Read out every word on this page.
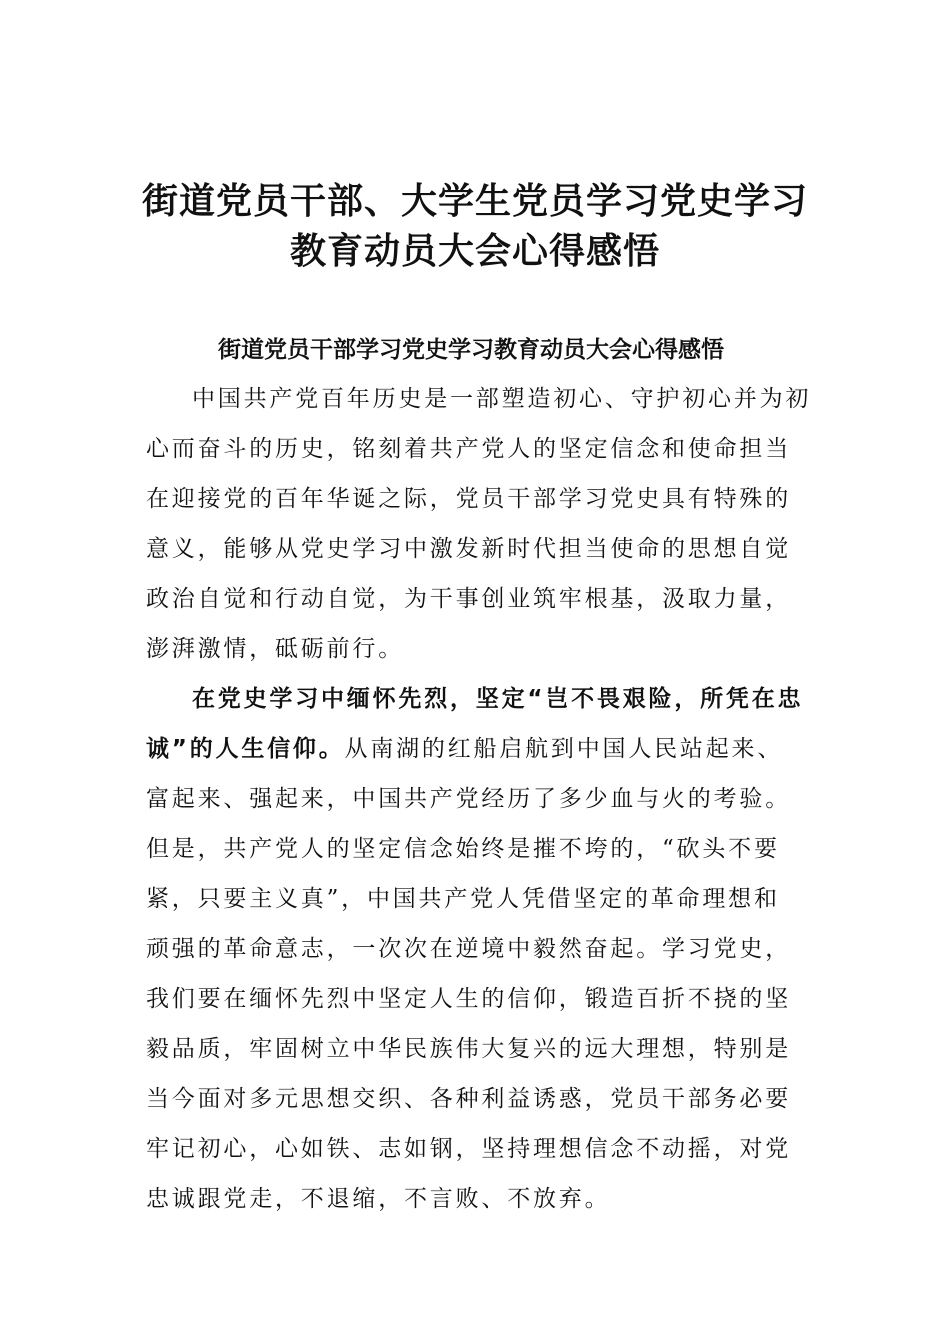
街道党员干部、大学生党员学习党史学习
教育动员大会心得感悟
街道党员干部学习党史学习教育动员大会心得感悟
中国共产党百年历史是一部塑造初心、守护初心并为初
心而奋斗的历史，铭刻着共产党人的坚定信念和使命担当
在迎接党的百年华诞之际，党员干部学习党史具有特殊的
意义，能够从党史学习中激发新时代担当使命的思想自觉
政治自觉和行动自觉，为干事创业筑牢根基，汲取力量，
澎湃激情，砥砺前行。
在党史学习中缅怀先烈，坚定“岂不畏艰险，所凭在忠
诚”的人生信仰。从南湖的红船启航到中国人民站起来、
富起来、强起来，中国共产党经历了多少血与火的考验。
但是，共产党人的坚定信念始终是摧不垮的，“砍头不要
紧，只要主义真”，中国共产党人凭借坚定的革命理想和
顽强的革命意志，一次次在逆境中毅然奋起。学习党史，
我们要在缅怀先烈中坚定人生的信仰，锻造百折不挠的坚
毅品质，牢固树立中华民族伟大复兴的远大理想，特别是
当今面对多元思想交织、各种利益诱惑，党员干部务必要
牢记初心，心如铁、志如钢，坚持理想信念不动摇，对党
忠诚跟党走，不退缩，不言败、不放弃。
